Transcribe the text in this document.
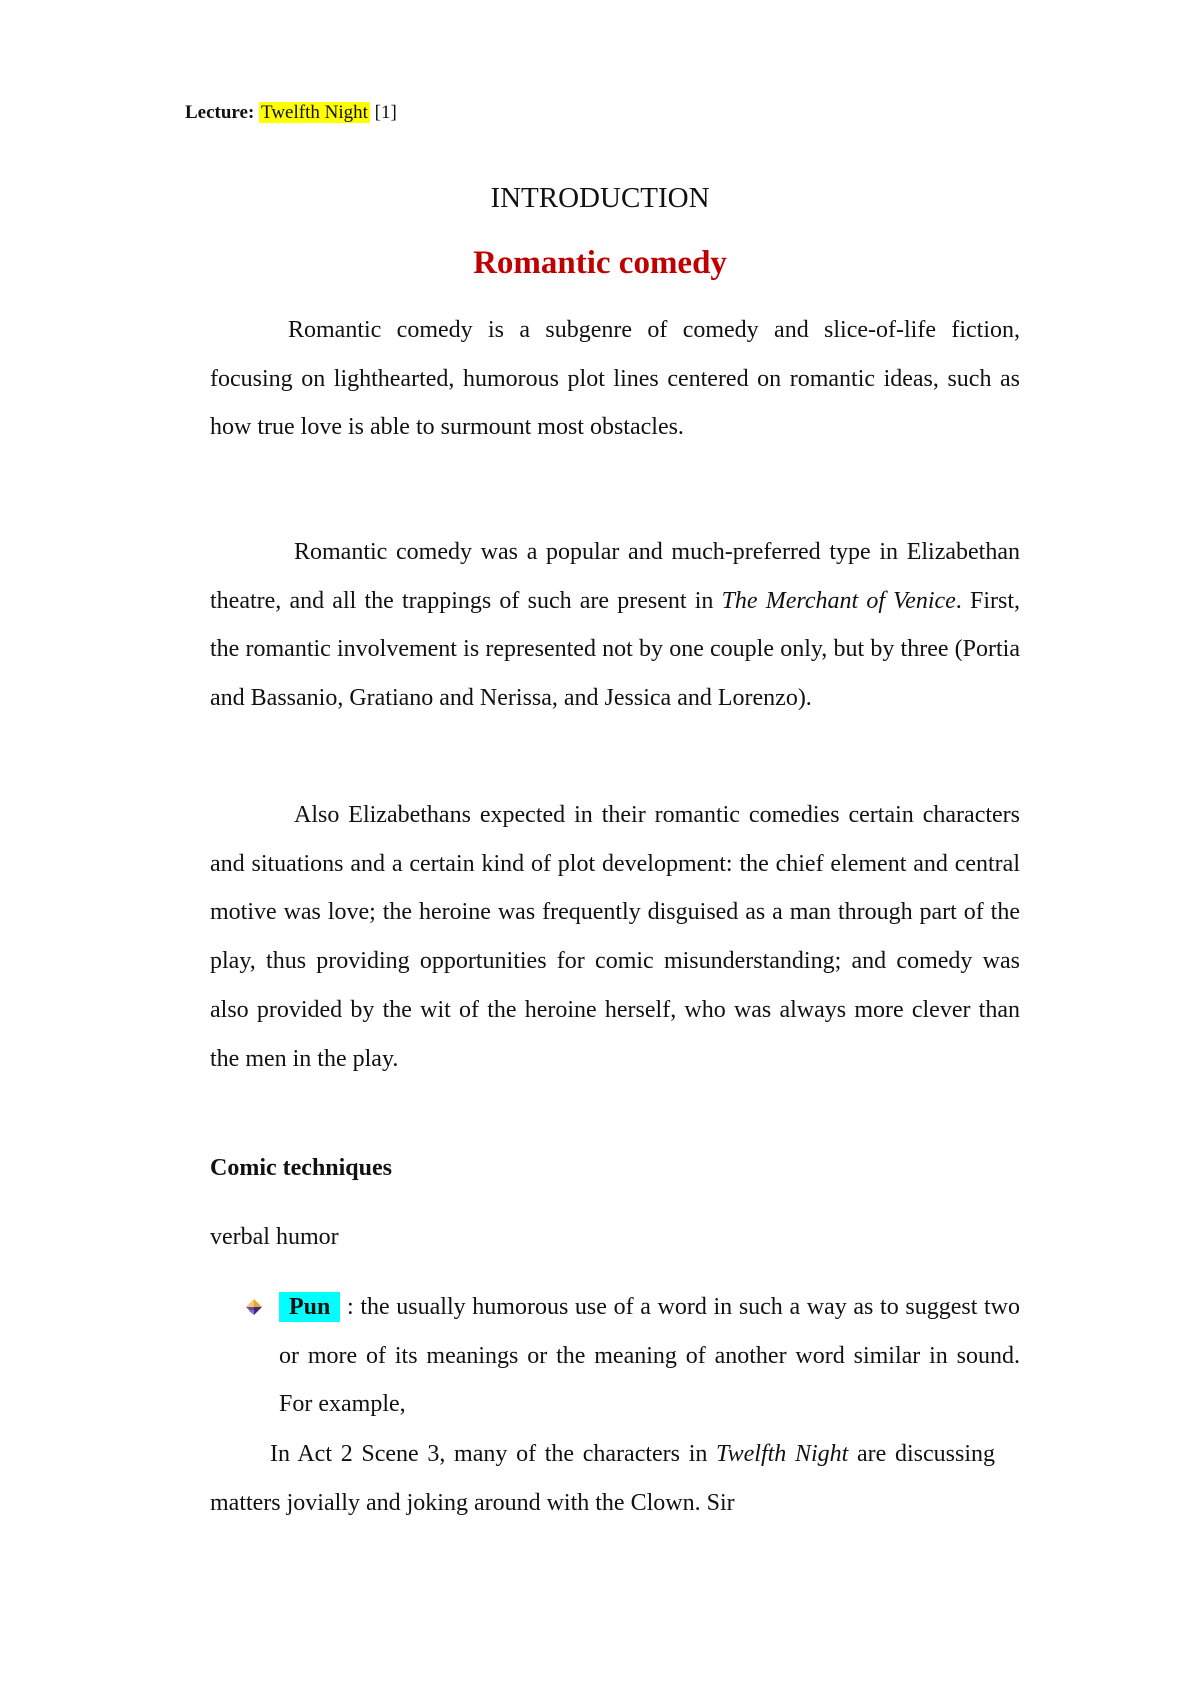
Lecture: Twelfth Night [1]
INTRODUCTION
Romantic comedy
Romantic comedy is a subgenre of comedy and slice-of-life fiction, focusing on lighthearted, humorous plot lines centered on romantic ideas, such as how true love is able to surmount most obstacles.
Romantic comedy was a popular and much-preferred type in Elizabethan theatre, and all the trappings of such are present in The Merchant of Venice. First, the romantic involvement is represented not by one couple only, but by three (Portia and Bassanio, Gratiano and Nerissa, and Jessica and Lorenzo).
Also Elizabethans expected in their romantic comedies certain characters and situations and a certain kind of plot development: the chief element and central motive was love; the heroine was frequently disguised as a man through part of the play, thus providing opportunities for comic misunderstanding; and comedy was also provided by the wit of the heroine herself, who was always more clever than the men in the play.
Comic techniques
verbal humor
Pun : the usually humorous use of a word in such a way as to suggest two or more of its meanings or the meaning of another word similar in sound. For example,
In Act 2 Scene 3, many of the characters in Twelfth Night are discussing matters jovially and joking around with the Clown. Sir
